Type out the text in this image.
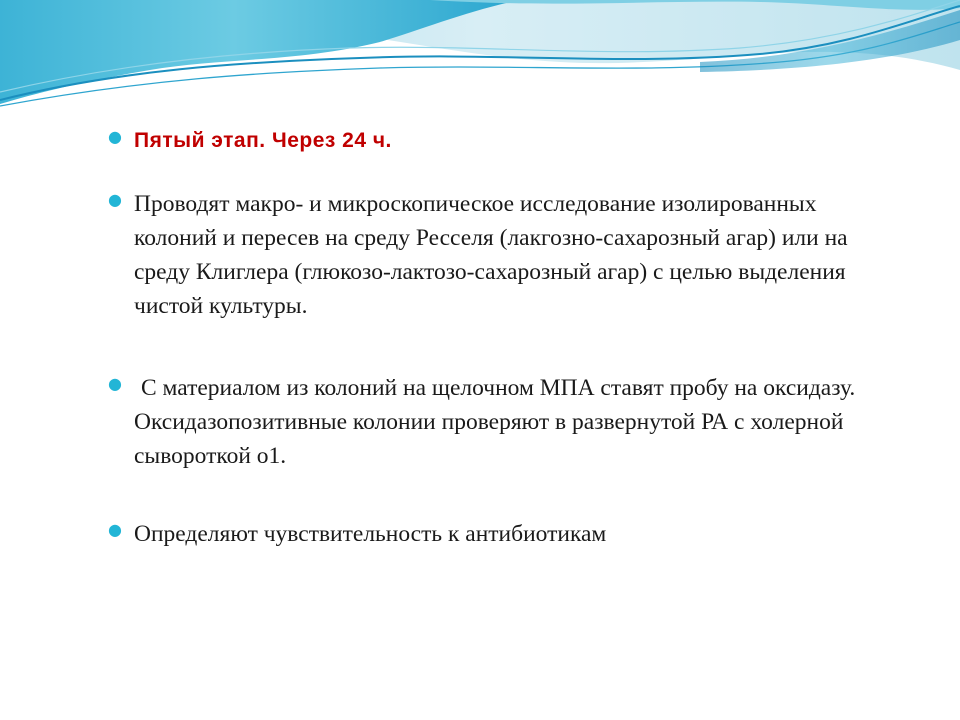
● Пятый этап. Через 24 ч.
● Проводят макро- и микроскопическое исследование изолированных колоний и пересев на среду Ресселя (лакгозно-сахарозный агар) или на среду Клиглера (глюкозо-лактозо-сахарозный агар) с целью выделения чистой культуры.
● С материалом из колоний на щелочном МПА ставят пробу на оксидазу. Оксидазопозитивные колонии проверяют в развернутой РА с холерной сывороткой о1.
● Определяют чувствительность к антибиотикам
